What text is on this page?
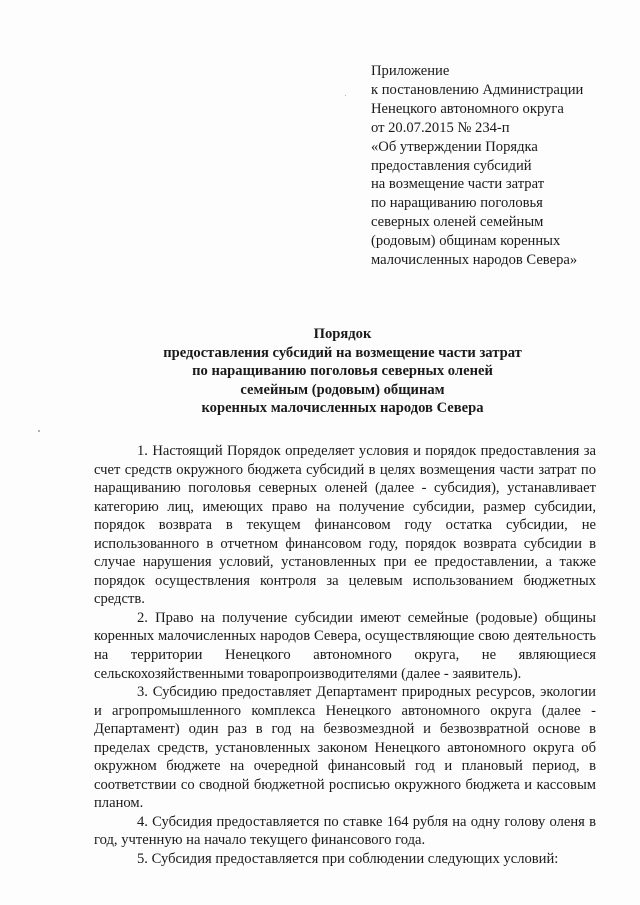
Приложение
к постановлению Администрации
Ненецкого автономного округа
от 20.07.2015 № 234-п
«Об утверждении Порядка
предоставления субсидий
на возмещение части затрат
по наращиванию поголовья
северных оленей семейным
(родовым) общинам коренных
малочисленных народов Севера»
Порядок
предоставления субсидий на возмещение части затрат
по наращиванию поголовья северных оленей
семейным (родовым) общинам
коренных малочисленных народов Севера

1. Настоящий Порядок определяет условия и порядок предоставления за счет средств окружного бюджета субсидий в целях возмещения части затрат по наращиванию поголовья северных оленей (далее - субсидия), устанавливает категорию лиц, имеющих право на получение субсидии, размер субсидии, порядок возврата в текущем финансовом году остатка субсидии, не использованного в отчетном финансовом году, порядок возврата субсидии в случае нарушения условий, установленных при ее предоставлении, а также порядок осуществления контроля за целевым использованием бюджетных средств.

2. Право на получение субсидии имеют семейные (родовые) общины коренных малочисленных народов Севера, осуществляющие свою деятельность на территории Ненецкого автономного округа, не являющиеся сельскохозяйственными товаропроизводителями (далее - заявитель).

3. Субсидию предоставляет Департамент природных ресурсов, экологии и агропромышленного комплекса Ненецкого автономного округа (далее - Департамент) один раз в год на безвозмездной и безвозвратной основе в пределах средств, установленных законом Ненецкого автономного округа об окружном бюджете на очередной финансовый год и плановый период, в соответствии со сводной бюджетной росписью окружного бюджета и кассовым планом.

4. Субсидия предоставляется по ставке 164 рубля на одну голову оленя в год, учтенную на начало текущего финансового года.

5. Субсидия предоставляется при соблюдении следующих условий:
